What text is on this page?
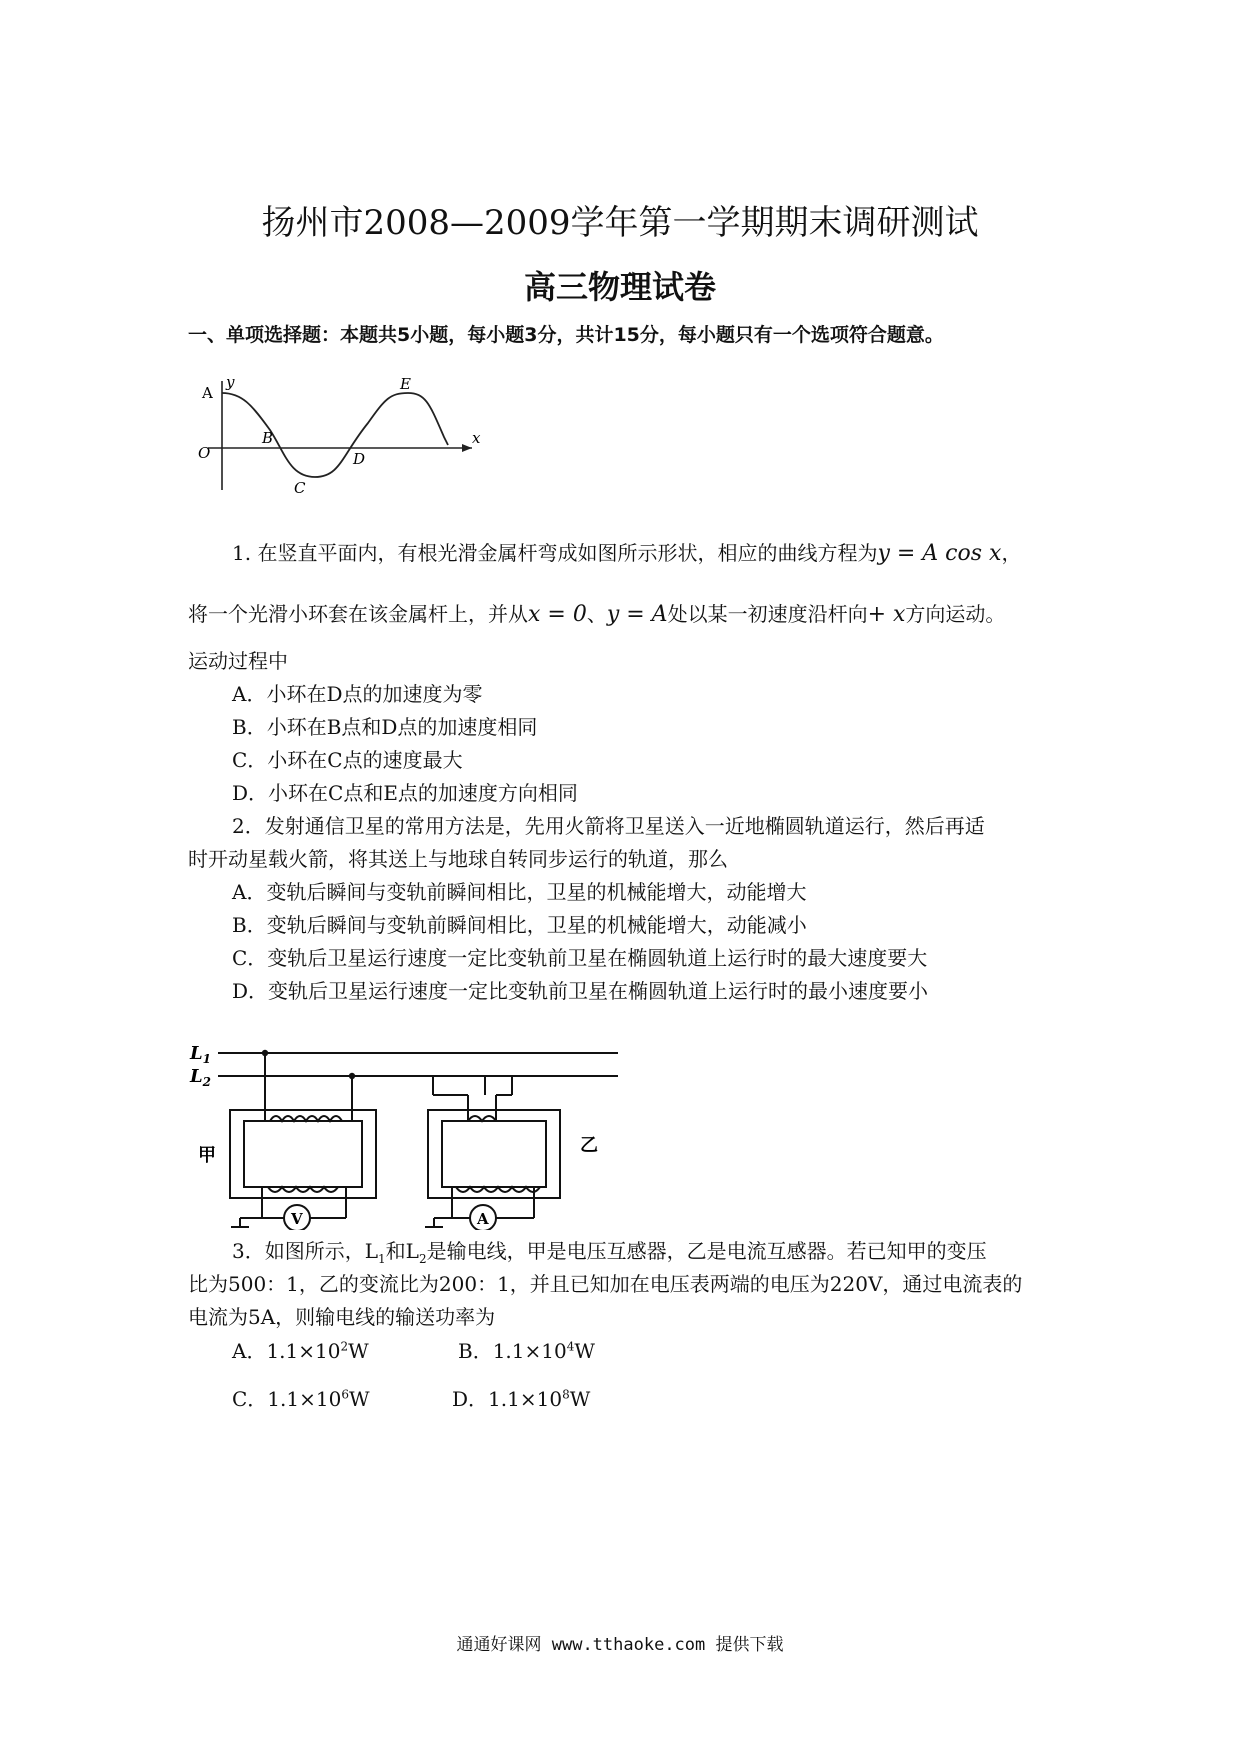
扬州市2008—2009学年第一学期期末调研测试
高三物理试卷
一、单项选择题：本题共5小题，每小题3分，共计15分，每小题只有一个选项符合题意。
A
y
O
B
C
D
E
x
1. 在竖直平面内，有根光滑金属杆弯成如图所示形状，相应的曲线方程为y = A cos x，
将一个光滑小环套在该金属杆上，并从x = 0、y = A处以某一初速度沿杆向+ x方向运动。
运动过程中
A．小环在D点的加速度为零
B．小环在B点和D点的加速度相同
C．小环在C点的速度最大
D．小环在C点和E点的加速度方向相同
2．发射通信卫星的常用方法是，先用火箭将卫星送入一近地椭圆轨道运行，然后再适
时开动星载火箭，将其送上与地球自转同步运行的轨道，那么
A．变轨后瞬间与变轨前瞬间相比，卫星的机械能增大，动能增大
B．变轨后瞬间与变轨前瞬间相比，卫星的机械能增大，动能减小
C．变轨后卫星运行速度一定比变轨前卫星在椭圆轨道上运行时的最大速度要大
D．变轨后卫星运行速度一定比变轨前卫星在椭圆轨道上运行时的最小速度要小
$L_1$
$L_2$
甲	乙
V	A
3．如图所示，$L_1$和$L_2$是输电线，甲是电压互感器，乙是电流互感器。若已知甲的变压
比为500：1，乙的变流比为200：1，并且已知加在电压表两端的电压为220V，通过电流表的
电流为5A，则输电线的输送功率为
A．$1.1\times 10^2W$	B．$1.1\times 10^4W$
C．$1.1\times 10^6W$	D．$1.1\times 10^8W$
通通好课网 www.tthaoke.com 提供下载
